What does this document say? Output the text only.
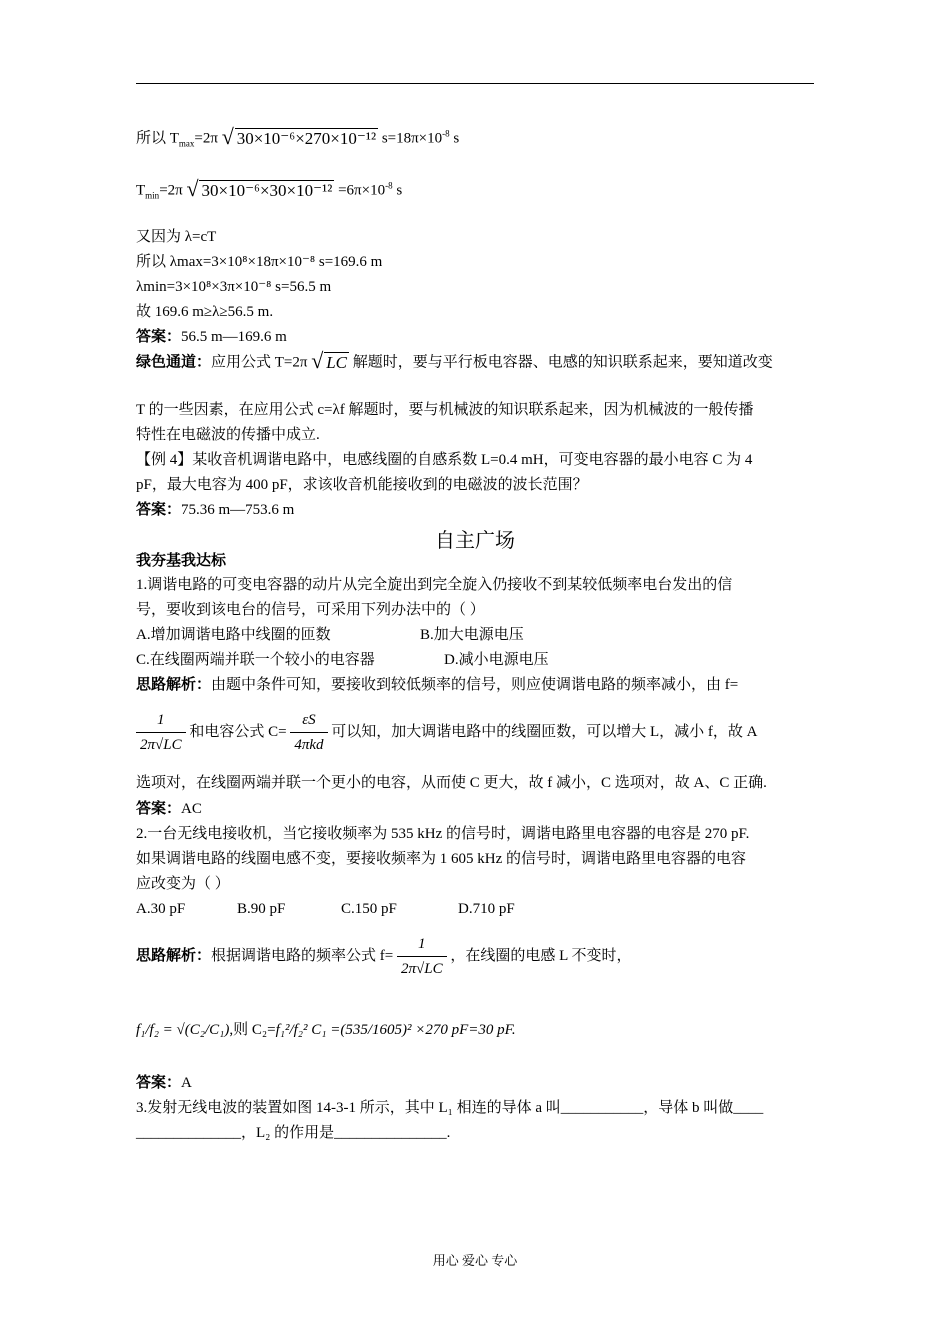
所以 $T_{max}=2\pi$ √ 30×10⁻⁶×270×10⁻¹² $s=18\pi\times 10^{-8}$ s
$T_{min}=2\pi$ √ $30\times 10^{-6}\times 30\times 10^{-12} =6\pi\times 10^{-8}$ s
又因为 λ=cT
所以 λmax=3×10⁸×18π×10⁻⁸ s=169.6 m
λmin=3×10⁸×3π×10⁻⁸ s=56.5 m
故 169.6 m≥λ≥56.5 m.
答案：56.5 m—169.6 m
绿色通道：应用公式 T=2π √ LC 解题时，要与平行板电容器、电感的知识联系起来，要知道改变
T 的一些因素，在应用公式 c=λf 解题时，要与机械波的知识联系起来，因为机械波的一般传播
特性在电磁波的传播中成立.
【例 4】某收音机调谐电路中，电感线圈的自感系数 L=0.4 mH，可变电容器的最小电容 C 为 4
pF，最大电容为 400 pF，求该收音机能接收到的电磁波的波长范围？
答案：75.36 m—753.6 m
自主广场
我夯基我达标
1.调谐电路的可变电容器的动片从完全旋出到完全旋入仍接收不到某较低频率电台发出的信
号，要收到该电台的信号，可采用下列办法中的（ ）
A.增加调谐电路中线圈的匝数	B.加大电源电压
C.在线圈两端并联一个较小的电容器	D.减小电源电压
思路解析：由题中条件可知，要接收到较低频率的信号，则应使调谐电路的频率减小，由 f=
$\frac{1}{2\pi√LC}$ 和电容公式 $C= \frac{\varepsilon S}{\text{4πkd}}$ 可以知，加大调谐电路中的线圈匝数，可以增大 L，减小 f，故 A
选项对，在线圈两端并联一个更小的电容，从而使 C 更大，故 f 减小，C 选项对，故 A、C 正确.
答案：AC
2.一台无线电接收机，当它接收频率为 535 kHz 的信号时，调谐电路里电容器的电容是 270 pF.
如果调谐电路的线圈电感不变，要接收频率为 1 605 kHz 的信号时，调谐电路里电容器的电容
应改变为（ ）
A.30 pF	B.90 pF	C.150 pF	D.710 pF
思路解析：根据调谐电路的频率公式 $f= \frac{1}{2\pi√LC}$ ，在线圈的电感 L 不变时，
f₁/f₂ = √(C₂/C₁),则 C₂=f₁²/f₂² C₁ =(535/1605)² ×270 pF=30 pF.
答案：A
3.发射无线电波的装置如图 14-3-1 所示，其中 L₁ 相连的导体 a 叫___________，导体 b 叫做____
______________，L₂ 的作用是_______________.
用心 爱心 专心
